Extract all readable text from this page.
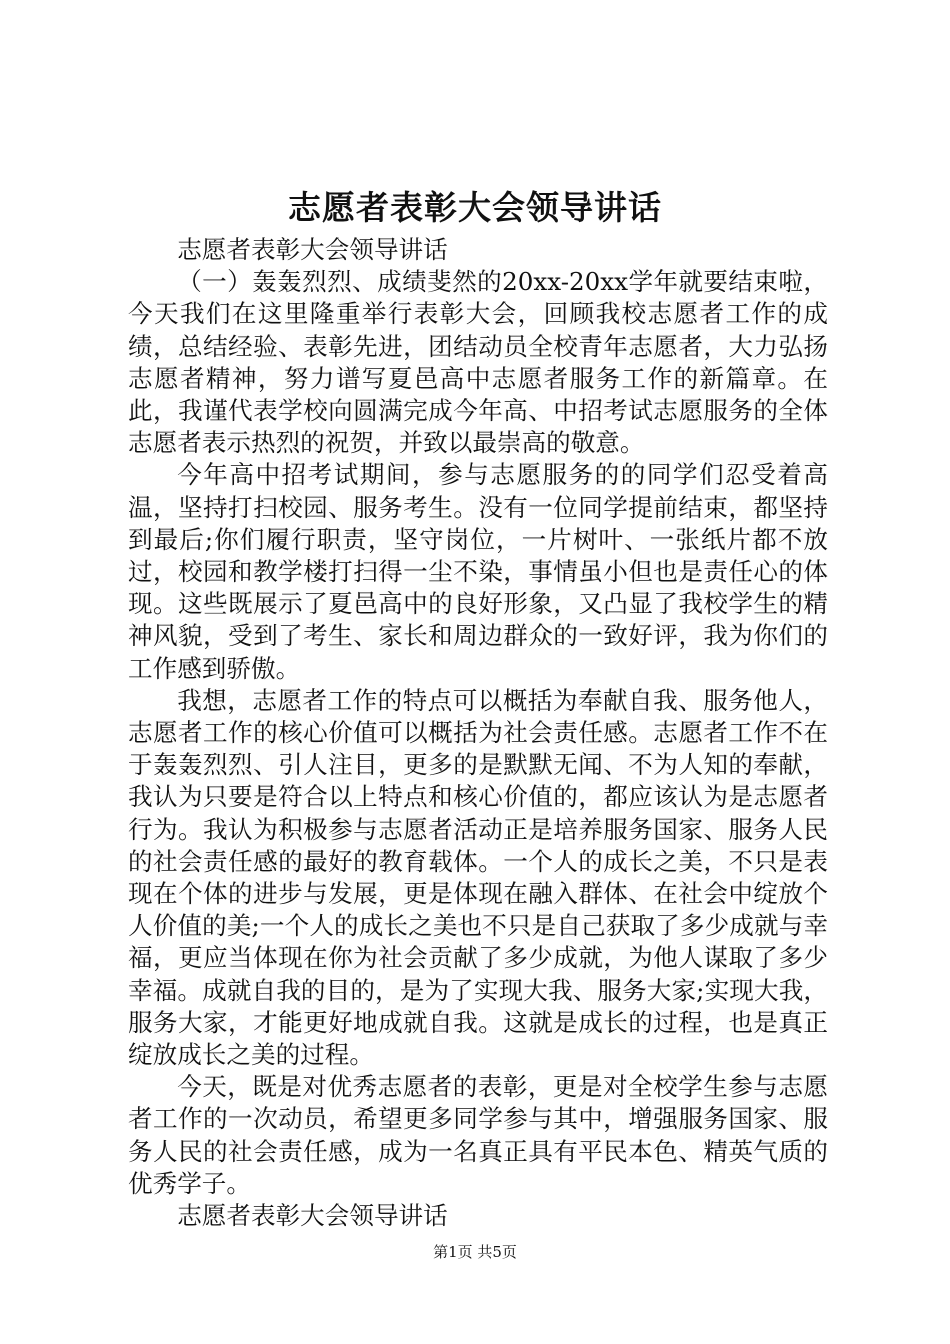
志愿者表彰大会领导讲话

志愿者表彰大会领导讲话

（一）轰轰烈烈、成绩斐然的20xx-20xx学年就要结束啦，今天我们在这里隆重举行表彰大会，回顾我校志愿者工作的成绩，总结经验、表彰先进，团结动员全校青年志愿者，大力弘扬志愿者精神，努力谱写夏邑高中志愿者服务工作的新篇章。在此，我谨代表学校向圆满完成今年高、中招考试志愿服务的全体志愿者表示热烈的祝贺，并致以最崇高的敬意。

今年高中招考试期间，参与志愿服务的的同学们忍受着高温，坚持打扫校园、服务考生。没有一位同学提前结束，都坚持到最后;你们履行职责，坚守岗位，一片树叶、一张纸片都不放过，校园和教学楼打扫得一尘不染，事情虽小但也是责任心的体现。这些既展示了夏邑高中的良好形象，又凸显了我校学生的精神风貌，受到了考生、家长和周边群众的一致好评，我为你们的工作感到骄傲。

我想，志愿者工作的特点可以概括为奉献自我、服务他人，志愿者工作的核心价值可以概括为社会责任感。志愿者工作不在于轰轰烈烈、引人注目，更多的是默默无闻、不为人知的奉献，我认为只要是符合以上特点和核心价值的，都应该认为是志愿者行为。我认为积极参与志愿者活动正是培养服务国家、服务人民的社会责任感的最好的教育载体。一个人的成长之美，不只是表现在个体的进步与发展，更是体现在融入群体、在社会中绽放个人价值的美;一个人的成长之美也不只是自己获取了多少成就与幸福，更应当体现在你为社会贡献了多少成就，为他人谋取了多少幸福。成就自我的目的，是为了实现大我、服务大家;实现大我，服务大家，才能更好地成就自我。这就是成长的过程，也是真正绽放成长之美的过程。

今天，既是对优秀志愿者的表彰，更是对全校学生参与志愿者工作的一次动员，希望更多同学参与其中，增强服务国家、服务人民的社会责任感，成为一名真正具有平民本色、精英气质的优秀学子。

志愿者表彰大会领导讲话

第1页 共5页
